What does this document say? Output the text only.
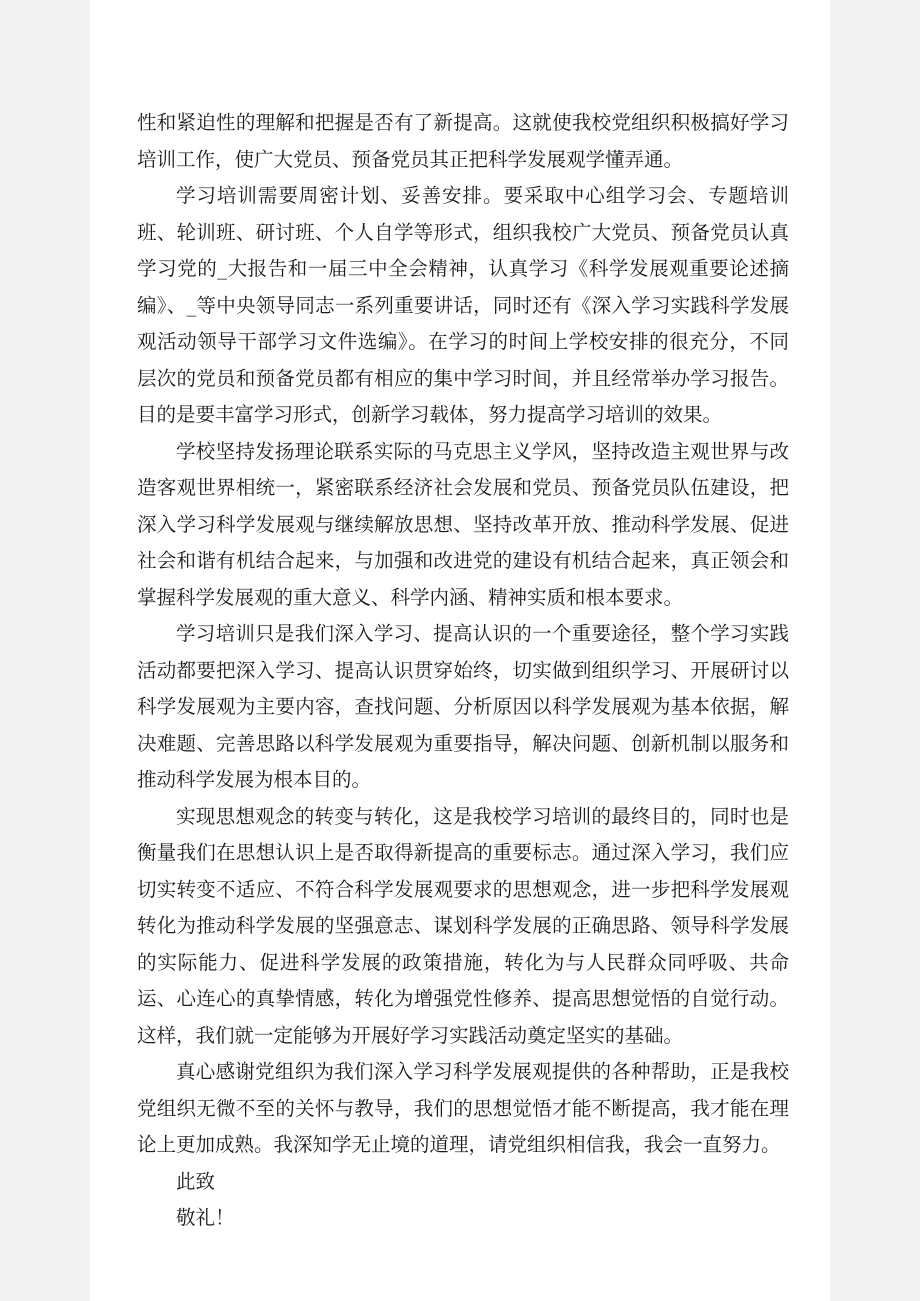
性和紧迫性的理解和把握是否有了新提高。这就使我校党组织积极搞好学习培训工作，使广大党员、预备党员其正把科学发展观学懂弄通。

学习培训需要周密计划、妥善安排。要采取中心组学习会、专题培训班、轮训班、研讨班、个人自学等形式，组织我校广大党员、预备党员认真学习党的_大报告和一届三中全会精神，认真学习《科学发展观重要论述摘编》、_等中央领导同志一系列重要讲话，同时还有《深入学习实践科学发展观活动领导干部学习文件选编》。在学习的时间上学校安排的很充分，不同层次的党员和预备党员都有相应的集中学习时间，并且经常举办学习报告。目的是要丰富学习形式，创新学习载体，努力提高学习培训的效果。

学校坚持发扬理论联系实际的马克思主义学风，坚持改造主观世界与改造客观世界相统一，紧密联系经济社会发展和党员、预备党员队伍建设，把深入学习科学发展观与继续解放思想、坚持改革开放、推动科学发展、促进社会和谐有机结合起来，与加强和改进党的建设有机结合起来，真正领会和掌握科学发展观的重大意义、科学内涵、精神实质和根本要求。

学习培训只是我们深入学习、提高认识的一个重要途径，整个学习实践活动都要把深入学习、提高认识贯穿始终，切实做到组织学习、开展研讨以科学发展观为主要内容，查找问题、分析原因以科学发展观为基本依据，解决难题、完善思路以科学发展观为重要指导，解决问题、创新机制以服务和推动科学发展为根本目的。

实现思想观念的转变与转化，这是我校学习培训的最终目的，同时也是衡量我们在思想认识上是否取得新提高的重要标志。通过深入学习，我们应切实转变不适应、不符合科学发展观要求的思想观念，进一步把科学发展观转化为推动科学发展的坚强意志、谋划科学发展的正确思路、领导科学发展的实际能力、促进科学发展的政策措施，转化为与人民群众同呼吸、共命运、心连心的真挚情感，转化为增强党性修养、提高思想觉悟的自觉行动。这样，我们就一定能够为开展好学习实践活动奠定坚实的基础。

真心感谢党组织为我们深入学习科学发展观提供的各种帮助，正是我校党组织无微不至的关怀与教导，我们的思想觉悟才能不断提高，我才能在理论上更加成熟。我深知学无止境的道理，请党组织相信我，我会一直努力。

此致

敬礼！
